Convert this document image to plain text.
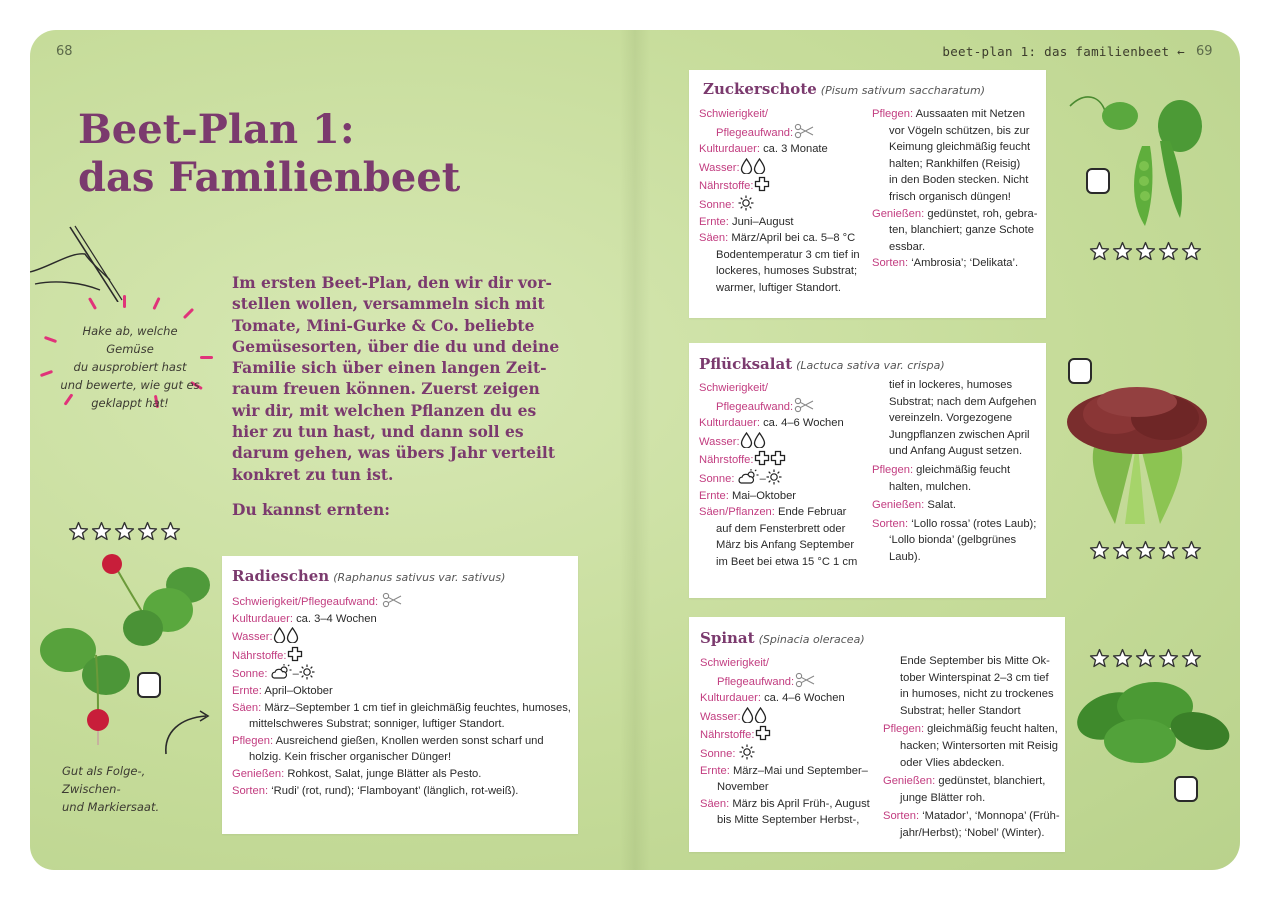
68	beet-plan 1: das familienbeet ← 69
Beet-Plan 1:
das Familienbeet
Hake ab, welche Gemüse
du ausprobiert hast
und bewerte, wie gut es
geklappt hat!
Im ersten Beet-Plan, den wir dir vor-
stellen wollen, versammeln sich mit
Tomate, Mini-Gurke & Co. beliebte
Gemüsesorten, über die du und deine
Familie sich über einen langen Zeit-
raum freuen können. Zuerst zeigen
wir dir, mit welchen Pflanzen du es
hier zu tun hast, und dann soll es
darum gehen, was übers Jahr verteilt
konkret zu tun ist.
Du kannst ernten:
Gut als Folge-, Zwischen-
und Markiersaat.
Radieschen (Raphanus sativus var. sativus)
Schwierigkeit/Pflegeaufwand:
Kulturdauer: ca. 3–4 Wochen
Wasser:
Nährstoffe:
Sonne: –
Ernte: April–Oktober
Säen: März–September 1 cm tief in gleichmäßig feuchtes, humoses,
mittelschweres Substrat; sonniger, luftiger Standort.
Pflegen: Ausreichend gießen, Knollen werden sonst scharf und
holzig. Kein frischer organischer Dünger!
Genießen: Rohkost, Salat, junge Blätter als Pesto.
Sorten: ‘Rudi’ (rot, rund); ‘Flamboyant’ (länglich, rot-weiß).
Zuckerschote (Pisum sativum saccharatum)
Schwierigkeit/
Pflegeaufwand:
Kulturdauer: ca. 3 Monate
Wasser:
Nährstoffe:
Sonne:
Ernte: Juni–August
Säen: März/April bei ca. 5–8 °C
Bodentemperatur 3 cm tief in
lockeres, humoses Substrat;
warmer, luftiger Standort.
Pflegen: Aussaaten mit Netzen
vor Vögeln schützen, bis zur
Keimung gleichmäßig feucht
halten; Rankhilfen (Reisig)
in den Boden stecken. Nicht
frisch organisch düngen!
Genießen: gedünstet, roh, gebra-
ten, blanchiert; ganze Schote
essbar.
Sorten: ‘Ambrosia’; ‘Delikata’.
Pflücksalat (Lactuca sativa var. crispa)
Schwierigkeit/
Pflegeaufwand:
Kulturdauer: ca. 4–6 Wochen
Wasser:
Nährstoffe:
Sonne: –
Ernte: Mai–Oktober
Säen/Pflanzen: Ende Februar
auf dem Fensterbrett oder
März bis Anfang September
im Beet bei etwa 15 °C 1 cm
tief in lockeres, humoses
Substrat; nach dem Aufgehen
vereinzeln. Vorgezogene
Jungpflanzen zwischen April
und Anfang August setzen.
Pflegen: gleichmäßig feucht
halten, mulchen.
Genießen: Salat.
Sorten: ‘Lollo rossa’ (rotes Laub);
‘Lollo bionda’ (gelbgrünes
Laub).
Spinat (Spinacia oleracea)
Schwierigkeit/
Pflegeaufwand:
Kulturdauer: ca. 4–6 Wochen
Wasser:
Nährstoffe:
Sonne:
Ernte: März–Mai und September–
November
Säen: März bis April Früh-, August
bis Mitte September Herbst-,
Ende September bis Mitte Ok-
tober Winterspinat 2–3 cm tief
in humoses, nicht zu trockenes
Substrat; heller Standort
Pflegen: gleichmäßig feucht halten,
hacken; Wintersorten mit Reisig
oder Vlies abdecken.
Genießen: gedünstet, blanchiert,
junge Blätter roh.
Sorten: ‘Matador’, ‘Monnopa’ (Früh-
jahr/Herbst); ‘Nobel’ (Winter).
